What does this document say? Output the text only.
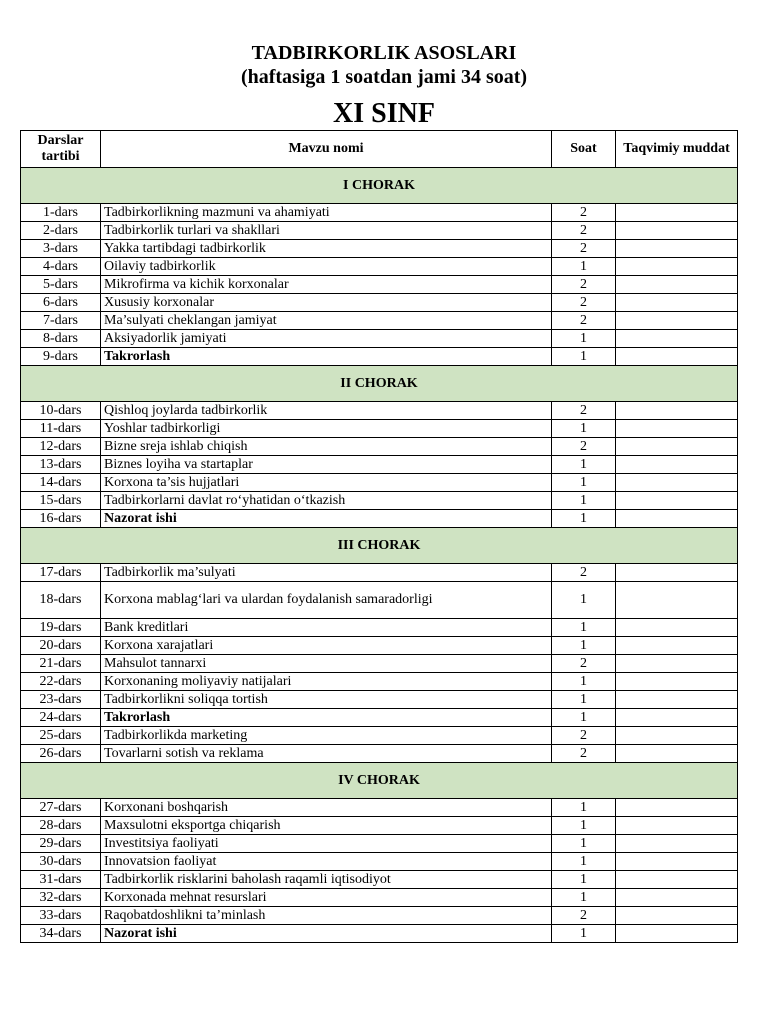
TADBIRKORLIK ASOSLARI
(haftasiga 1 soatdan jami 34 soat)
XI SINF
Darslar tartibi	Mavzu nomi	Soat	Taqvimiy muddat
I CHORAK			
1-dars	Tadbirkorlikning mazmuni va ahamiyati	2	
2-dars	Tadbirkorlik turlari va shakllari	2	
3-dars	Yakka tartibdagi tadbirkorlik	2	
4-dars	Oilaviy tadbirkorlik	1	
5-dars	Mikrofirma va kichik korxonalar	2	
6-dars	Xususiy korxonalar	2	
7-dars	Ma’sulyati cheklangan jamiyat	2	
8-dars	Aksiyadorlik jamiyati	1	
9-dars	Takrorlash	1	
II CHORAK			
10-dars	Qishloq joylarda tadbirkorlik	2	
11-dars	Yoshlar tadbirkorligi	1	
12-dars	Bizne sreja ishlab chiqish	2	
13-dars	Biznes loyiha va startaplar	1	
14-dars	Korxona ta’sis hujjatlari	1	
15-dars	Tadbirkorlarni davlat ro‘yhatidan o‘tkazish	1	
16-dars	Nazorat ishi	1	
III CHORAK			
17-dars	Tadbirkorlik ma’sulyati	2	
18-dars	Korxona mablag‘lari va ulardan foydalanish samaradorligi	1	
19-dars	Bank kreditlari	1	
20-dars	Korxona xarajatlari	1	
21-dars	Mahsulot tannarxi	2	
22-dars	Korxonaning moliyaviy natijalari	1	
23-dars	Tadbirkorlikni soliqqa tortish	1	
24-dars	Takrorlash	1	
25-dars	Tadbirkorlikda marketing	2	
26-dars	Tovarlarni sotish va reklama	2	
IV CHORAK			
27-dars	Korxonani boshqarish	1	
28-dars	Maxsulotni eksportga chiqarish	1	
29-dars	Investitsiya faoliyati	1	
30-dars	Innovatsion faoliyat	1	
31-dars	Tadbirkorlik risklarini baholash raqamli iqtisodiyot	1	
32-dars	Korxonada mehnat resurslari	1	
33-dars	Raqobatdoshlikni ta’minlash	2	
34-dars	Nazorat ishi	1	
